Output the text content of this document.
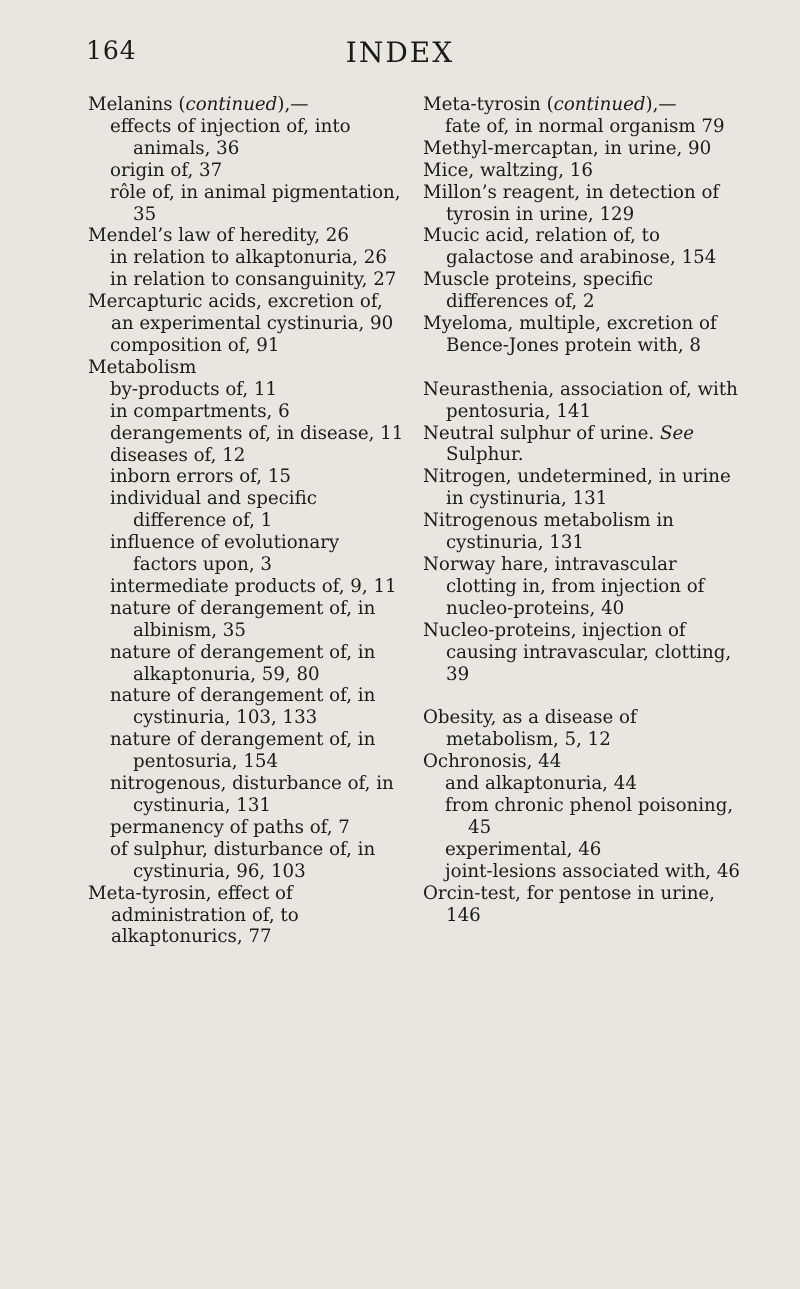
164	INDEX

Melanins (continued),—

effects of injection of, into animals, 36

origin of, 37

rôle of, in animal pigmentation, 35

Mendel’s law of heredity, 26

in relation to alkaptonuria, 26

in relation to consanguinity, 27

Mercapturic acids, excretion of, an experimental cystinuria, 90

composition of, 91

Metabolism

by-products of, 11

in compartments, 6

derangements of, in disease, 11

diseases of, 12

inborn errors of, 15

individual and specific difference of, 1

influence of evolutionary factors upon, 3

intermediate products of, 9, 11

nature of derangement of, in albinism, 35

nature of derangement of, in alkaptonuria, 59, 80

nature of derangement of, in cystinuria, 103, 133

nature of derangement of, in pentosuria, 154

nitrogenous, disturbance of, in cystinuria, 131

permanency of paths of, 7

of sulphur, disturbance of, in cystinuria, 96, 103

Meta-tyrosin, effect of administration of, to alkaptonurics, 77

Meta-tyrosin (continued),—

fate of, in normal organism 79

Methyl-mercaptan, in urine, 90

Mice, waltzing, 16

Millon’s reagent, in detection of tyrosin in urine, 129

Mucic acid, relation of, to galactose and arabinose, 154

Muscle proteins, specific differences of, 2

Myeloma, multiple, excretion of Bence-Jones protein with, 8

Neurasthenia, association of, with pentosuria, 141

Neutral sulphur of urine. See Sulphur.

Nitrogen, undetermined, in urine in cystinuria, 131

Nitrogenous metabolism in cystinuria, 131

Norway hare, intravascular clotting in, from injection of nucleo-proteins, 40

Nucleo-proteins, injection of causing intravascular, clotting, 39

Obesity, as a disease of metabolism, 5, 12

Ochronosis, 44

and alkaptonuria, 44

from chronic phenol poisoning, 45

experimental, 46

joint-lesions associated with, 46

Orcin-test, for pentose in urine, 146
